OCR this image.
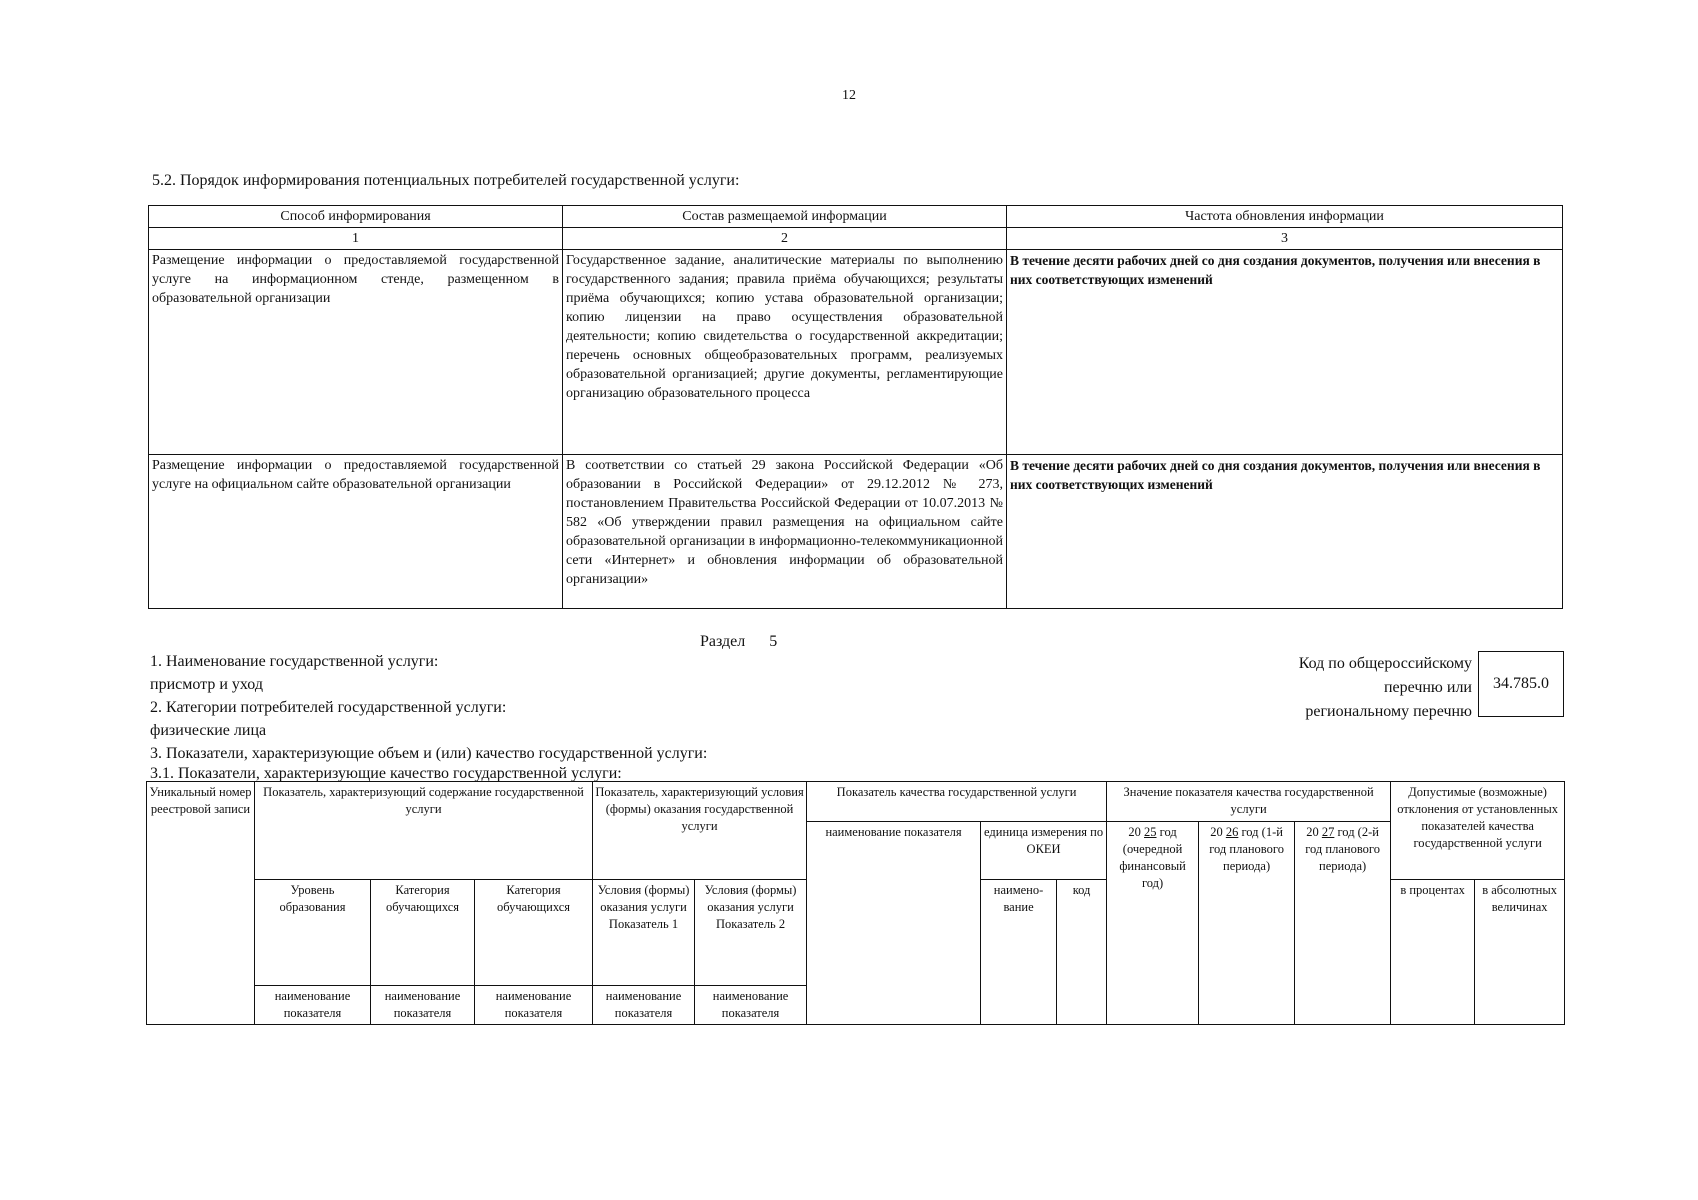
12
5.2. Порядок информирования потенциальных потребителей государственной услуги:
Способ информирования	Состав размещаемой информации	Частота обновления информации
1	2	3
Размещение информации о предоставляемой государственной услуге на информационном стенде, размещенном в образовательной организации	Государственное задание, аналитические материалы по выполнению государственного задания; правила приёма обучающихся; результаты приёма обучающихся; копию устава образовательной организации; копию лицензии на право осуществления образовательной деятельности; копию свидетельства о государственной аккредитации; перечень основных общеобразовательных программ, реализуемых образовательной организацией; другие документы, регламентирующие организацию образовательного процесса	В течение десяти рабочих дней со дня создания документов, получения или внесения в них соответствующих изменений
Размещение информации о предоставляемой государственной услуге на официальном сайте образовательной организации	В соответствии со статьей 29 закона Российской Федерации «Об образовании в Российской Федерации» от 29.12.2012 № 273, постановлением Правительства Российской Федерации от 10.07.2013 № 582 «Об утверждении правил размещения на официальном сайте образовательной организации в информационно-телекоммуникационной сети «Интернет» и обновления информации об образовательной организации»	В течение десяти рабочих дней со дня создания документов, получения или внесения в них соответствующих изменений
Раздел 5
1. Наименование государственной услуги:
присмотр и уход
2. Категории потребителей государственной услуги:
физические лица
3. Показатели, характеризующие объем и (или) качество государственной услуги:
3.1. Показатели, характеризующие качество государственной услуги:
Код по общероссийскому
перечню или
региональному перечню
34.785.0
Уникальный номер реестровой записи	Показатель, характеризующий содержание государственной услуги			Показатель, характеризующий условия (формы) оказания государственной услуги		Показатель качества государственной услуги			Значение показателя качества государственной услуги			Допустимые (возможные) отклонения от установленных показателей качества государственной услуги	
						наименование показателя	единица измерения по ОКЕИ		20 25 год (очередной финансовый год)	20 26 год (1-й год планового периода)	20 27 год (2-й год планового периода)		
	Уровень образования	Категория обучающихся	Категория обучающихся	Условия (формы) оказания услуги Показатель 1	Условия (формы) оказания услуги Показатель 2		наимено-вание	код				в процентах	в абсолютных величинах
	наименование показателя	наименование показателя	наименование показателя	наименование показателя	наименование показателя								
